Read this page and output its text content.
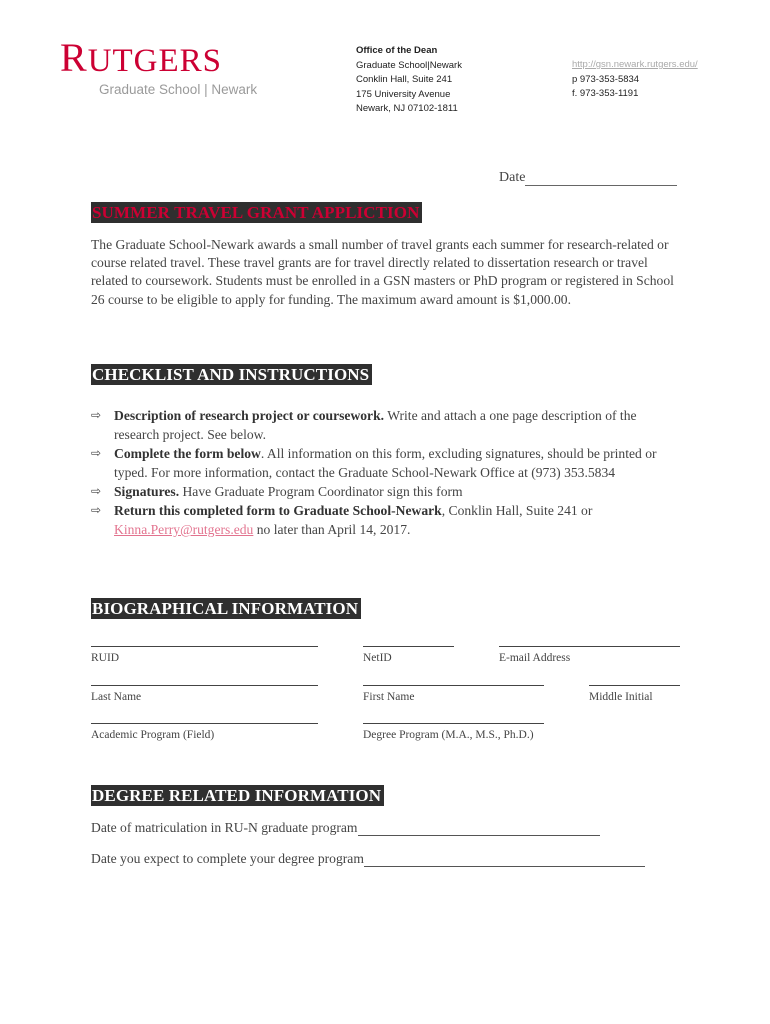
RUTGERS
Graduate School | Newark
Office of the Dean
Graduate School|Newark
Conklin Hall, Suite 241
175 University Avenue
Newark, NJ 07102-1811
http://gsn.newark.rutgers.edu/
p 973-353-5834
f. 973-353-1191
Date
SUMMER TRAVEL GRANT APPLICTION
The Graduate School-Newark awards a small number of travel grants each summer for research-related or course related travel. These travel grants are for travel directly related to dissertation research or travel related to coursework. Students must be enrolled in a GSN masters or PhD program or registered in School 26 course to be eligible to apply for funding. The maximum award amount is $1,000.00.
CHECKLIST AND INSTRUCTIONS
⇨ Description of research project or coursework. Write and attach a one page description of the research project. See below.
⇨ Complete the form below. All information on this form, excluding signatures, should be printed or typed. For more information, contact the Graduate School-Newark Office at (973) 353.5834
⇨ Signatures. Have Graduate Program Coordinator sign this form
⇨ Return this completed form to Graduate School-Newark, Conklin Hall, Suite 241 or Kinna.Perry@rutgers.edu no later than April 14, 2017.
BIOGRAPHICAL INFORMATION
RUID	NetID	E-mail Address
Last Name	First Name	Middle Initial
Academic Program (Field)	Degree Program (M.A., M.S., Ph.D.)
DEGREE RELATED INFORMATION
Date of matriculation in RU-N graduate program
Date you expect to complete your degree program
